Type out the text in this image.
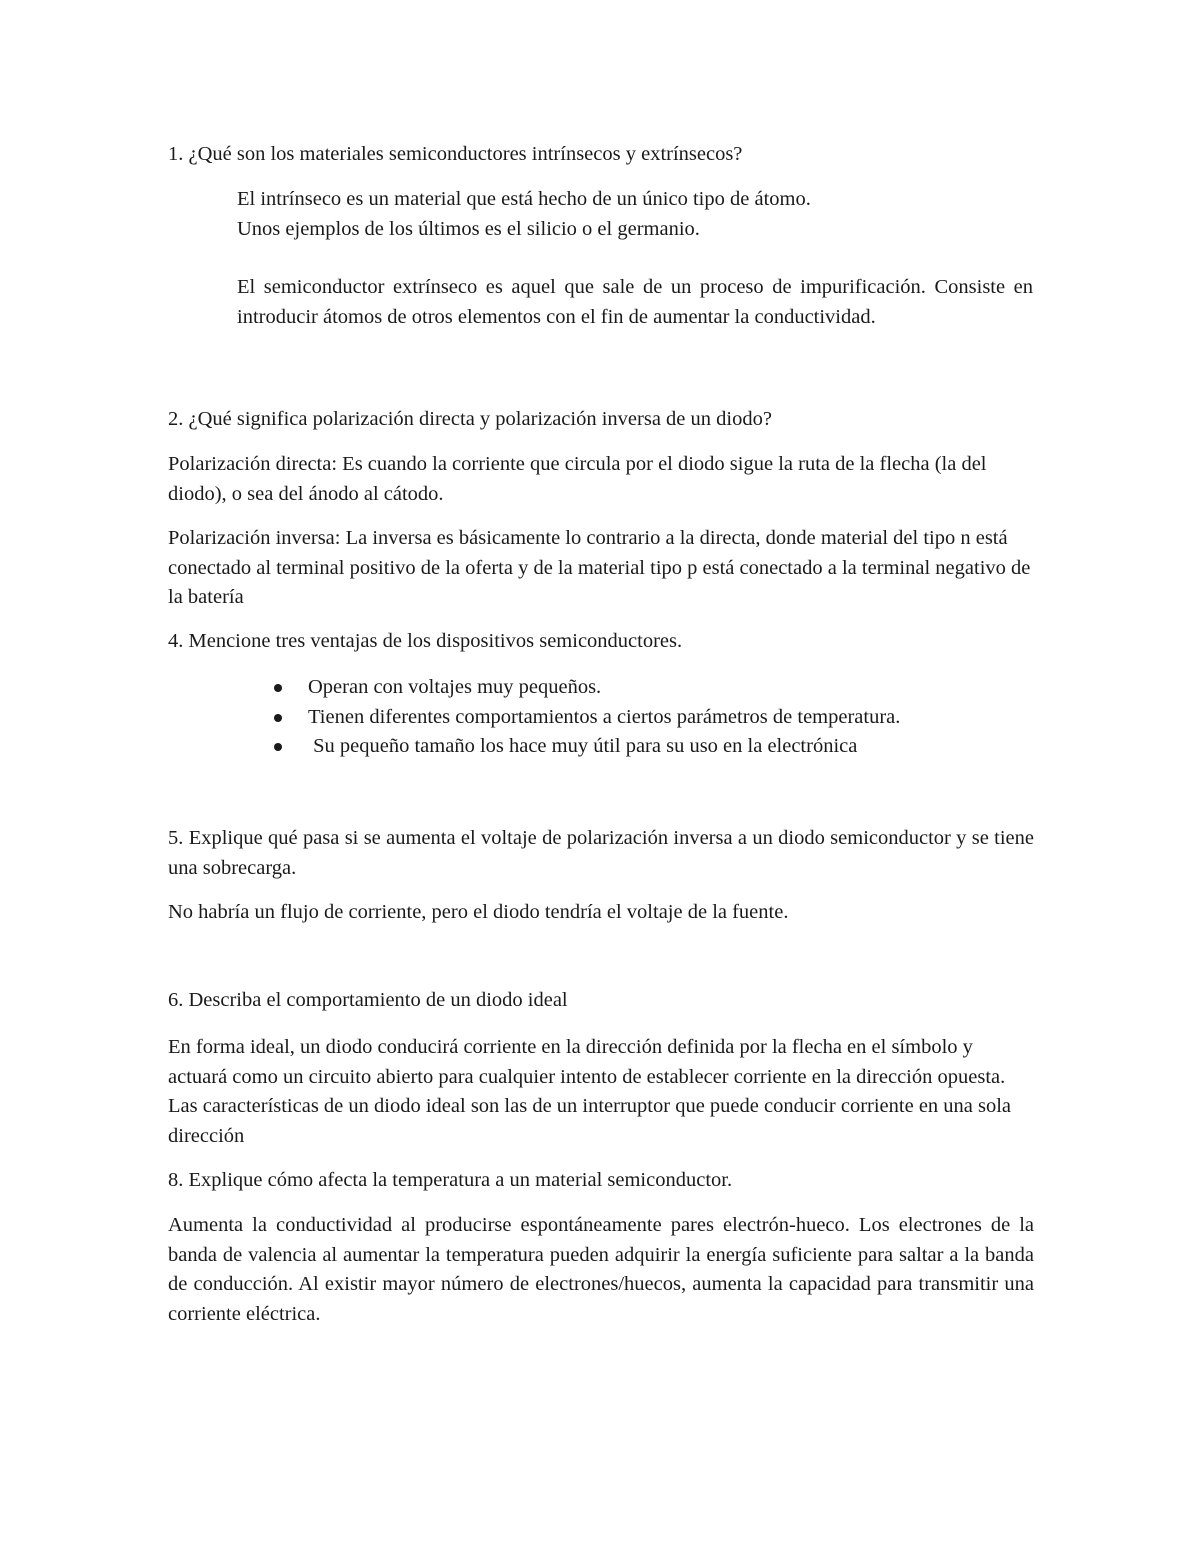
1. ¿Qué son los materiales semiconductores intrínsecos y extrínsecos?

El intrínseco es un material que está hecho de un único tipo de átomo.

Unos ejemplos de los últimos es el silicio o el germanio.

El semiconductor extrínseco es aquel que sale de un proceso de impurificación. Consiste en introducir átomos de otros elementos con el fin de aumentar la conductividad.

2. ¿Qué significa polarización directa y polarización inversa de un diodo?

Polarización directa: Es cuando la corriente que circula por el diodo sigue la ruta de la flecha (la del diodo), o sea del ánodo al cátodo.

Polarización inversa: La inversa es básicamente lo contrario a la directa, donde material del tipo n está conectado al terminal positivo de la oferta y de la material tipo p está conectado a la terminal negativo de la batería

4. Mencione tres ventajas de los dispositivos semiconductores.

Operan con voltajes muy pequeños.
Tienen diferentes comportamientos a ciertos parámetros de temperatura.
Su pequeño tamaño los hace muy útil para su uso en la electrónica

5. Explique qué pasa si se aumenta el voltaje de polarización inversa a un diodo semiconductor y se tiene una sobrecarga.

No habría un flujo de corriente, pero el diodo tendría el voltaje de la fuente.

6. Describa el comportamiento de un diodo ideal

En forma ideal, un diodo conducirá corriente en la dirección definida por la flecha en el símbolo y actuará como un circuito abierto para cualquier intento de establecer corriente en la dirección opuesta. Las características de un diodo ideal son las de un interruptor que puede conducir corriente en una sola dirección

8. Explique cómo afecta la temperatura a un material semiconductor.

Aumenta la conductividad al producirse espontáneamente pares electrón-hueco. Los electrones de la banda de valencia al aumentar la temperatura pueden adquirir la energía suficiente para saltar a la banda de conducción. Al existir mayor número de electrones/huecos, aumenta la capacidad para transmitir una corriente eléctrica.
